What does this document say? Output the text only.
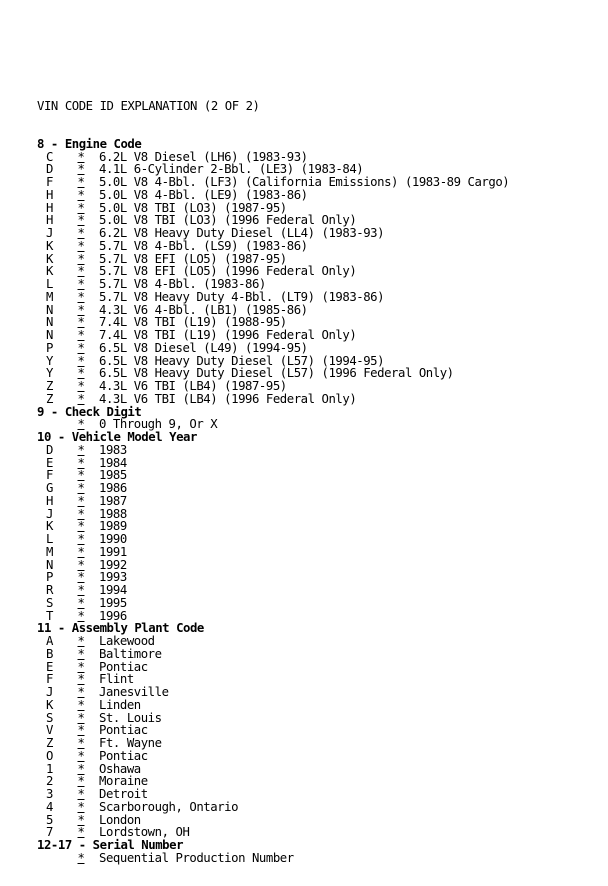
VIN CODE ID EXPLANATION (2 OF 2)

8 - Engine Code
C * 6.2L V8 Diesel (LH6) (1983-93)
D * 4.1L 6-Cylinder 2-Bbl. (LE3) (1983-84)
F * 5.0L V8 4-Bbl. (LF3) (California Emissions) (1983-89 Cargo)
H * 5.0L V8 4-Bbl. (LE9) (1983-86)
H * 5.0L V8 TBI (LO3) (1987-95)
H * 5.0L V8 TBI (LO3) (1996 Federal Only)
J * 6.2L V8 Heavy Duty Diesel (LL4) (1983-93)
K * 5.7L V8 4-Bbl. (LS9) (1983-86)
K * 5.7L V8 EFI (LO5) (1987-95)
K * 5.7L V8 EFI (LO5) (1996 Federal Only)
L * 5.7L V8 4-Bbl. (1983-86)
M * 5.7L V8 Heavy Duty 4-Bbl. (LT9) (1983-86)
N * 4.3L V6 4-Bbl. (LB1) (1985-86)
N * 7.4L V8 TBI (L19) (1988-95)
N * 7.4L V8 TBI (L19) (1996 Federal Only)
P * 6.5L V8 Diesel (L49) (1994-95)
Y * 6.5L V8 Heavy Duty Diesel (L57) (1994-95)
Y * 6.5L V8 Heavy Duty Diesel (L57) (1996 Federal Only)
Z * 4.3L V6 TBI (LB4) (1987-95)
Z * 4.3L V6 TBI (LB4) (1996 Federal Only)
9 - Check Digit
* 0 Through 9, Or X
10 - Vehicle Model Year
D * 1983
E * 1984
F * 1985
G * 1986
H * 1987
J * 1988
K * 1989
L * 1990
M * 1991
N * 1992
P * 1993
R * 1994
S * 1995
T * 1996
11 - Assembly Plant Code
A * Lakewood
B * Baltimore
E * Pontiac
F * Flint
J * Janesville
K * Linden
S * St. Louis
V * Pontiac
Z * Ft. Wayne
O * Pontiac
1 * Oshawa
2 * Moraine
3 * Detroit
4 * Scarborough, Ontario
5 * London
7 * Lordstown, OH
12-17 - Serial Number
* Sequential Production Number
